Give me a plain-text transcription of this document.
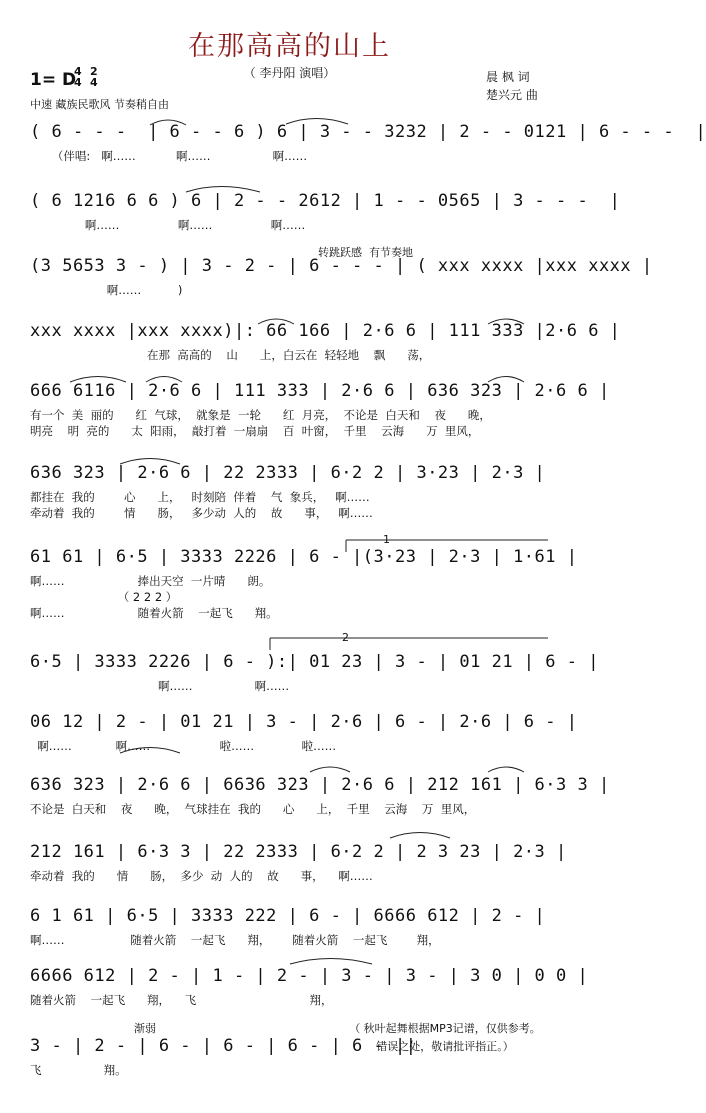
在那高高的山上
（ 李丹阳 演唱）
1= D
4
4
2
4	晨 枫 词
楚兴元 曲
中速 藏族民歌风 节奏稍自由
转跳跃感  有节奏地
1
2
渐弱
( 6 - - -  | 6 - - 6 ) 6 | 3 - - 3232 | 2 - - 0121 | 6 - - -  |
（伴唱:   啊……           啊……                 啊……
( 6 1216 6 6 ) 6 | 2 - - 2612 | 1 - - 0565 | 3 - - -  |
啊……                啊……                啊……
(3 5653 3 - ) | 3 - 2 - | 6 - - - | ( xxx xxxx |xxx xxxx |
啊……          )
xxx xxxx |xxx xxxx)|: 66 166 | 2·6 6 | 111 333 |2·6 6 |
在那  高高的    山      上，白云在  轻轻地    飘      荡，
666 6116 | 2·6 6 | 111 333 | 2·6 6 | 636 323 | 2·6 6 |
有一个  美  丽的      红  气球，  就象是  一轮      红  月亮，  不论是  白天和    夜      晚，
明亮    明  亮的      太  阳雨，  敲打着  一扇扇    百  叶窗，  千里    云海      万  里风，
636 323 | 2·6 6 | 22 2333 | 6·2 2 | 3·23 | 2·3 |
都挂在  我的        心      上，   时刻陪  伴着    气  象兵，   啊……
牵动着  我的        情      肠，   多少动  人的    故      事，   啊……
61 61 | 6·5 | 3333 2226 | 6 - |(3·23 | 2·3 | 1·61 |
啊……                    捧出天空  一片晴      朗。
（ 2 2 2 ）
啊……                    随着火箭    一起飞      翔。
6·5 | 3333 2226 | 6 - ):| 01 23 | 3 - | 01 21 | 6 - |
啊……                 啊……
06 12 | 2 - | 01 21 | 3 - | 2·6 | 6 - | 2·6 | 6 - |
啊……            啊……                   啦……             啦……
636 323 | 2·6 6 | 6636 323 | 2·6 6 | 212 161 | 6·3 3 |
不论是  白天和    夜      晚，  气球挂在  我的      心      上，  千里    云海    万  里风，
212 161 | 6·3 3 | 22 2333 | 6·2 2 | 2 3 23 | 2·3 |
牵动着  我的      情      肠，  多少  动  人的    故      事，    啊……
6 1 61 | 6·5 | 3333 222 | 6 - | 6666 612 | 2 - |
啊……                  随着火箭    一起飞      翔，      随着火箭    一起飞        翔，
6666 612 | 2 - | 1 - | 2 - | 3 - | 3 - | 3 0 | 0 0 |
随着火箭    一起飞      翔，    飞                               翔，
3 - | 2 - | 6 - | 6 - | 6 - | 6 - ||
飞                 翔。
（ 秋叶起舞根据MP3记谱，仅供参考。
错误之处，敬请批评指正。）
